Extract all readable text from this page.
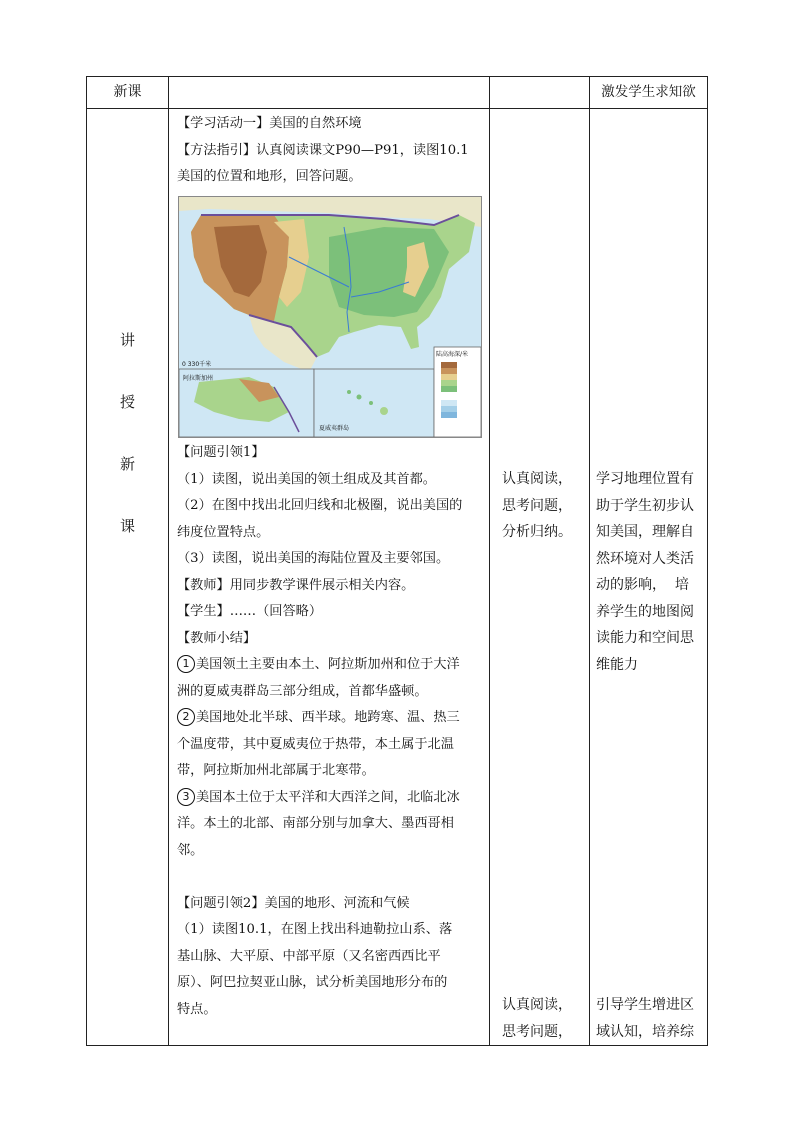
新课	激发学生求知欲
讲
授
新
课

【学习活动一】美国的自然环境

【方法指引】认真阅读课文P90—P91，读图10.1

美国的位置和地形，回答问题。

陆高海深/米
0 330千米
阿拉斯加州
夏威夷群岛

【问题引领1】

（1）读图，说出美国的领土组成及其首都。

（2）在图中找出北回归线和北极圈，说出美国的

纬度位置特点。

（3）读图，说出美国的海陆位置及主要邻国。

【教师】用同步教学课件展示相关内容。

【学生】……（回答略）

【教师小结】

1 美国领土主要由本土、阿拉斯加州和位于大洋

洲的夏威夷群岛三部分组成，首都华盛顿。

2 美国地处北半球、西半球。地跨寒、温、热三

个温度带，其中夏威夷位于热带，本土属于北温

带，阿拉斯加州北部属于北寒带。

3 美国本土位于太平洋和大西洋之间，北临北冰

洋。本土的北部、南部分别与加拿大、墨西哥相

邻。

【问题引领2】美国的地形、河流和气候

（1）读图10.1，在图上找出科迪勒拉山系、落

基山脉、大平原、中部平原（又名密西西比平

原）、阿巴拉契亚山脉，试分析美国地形分布的

特点。

认真阅读，

思考问题，

分析归纳。

认真阅读，

思考问题，

学习地理位置有

助于学生初步认

知美国，理解自

然环境对人类活

动的影响，  培

养学生的地图阅

读能力和空间思

维能力

引导学生增进区

域认知，培养综
